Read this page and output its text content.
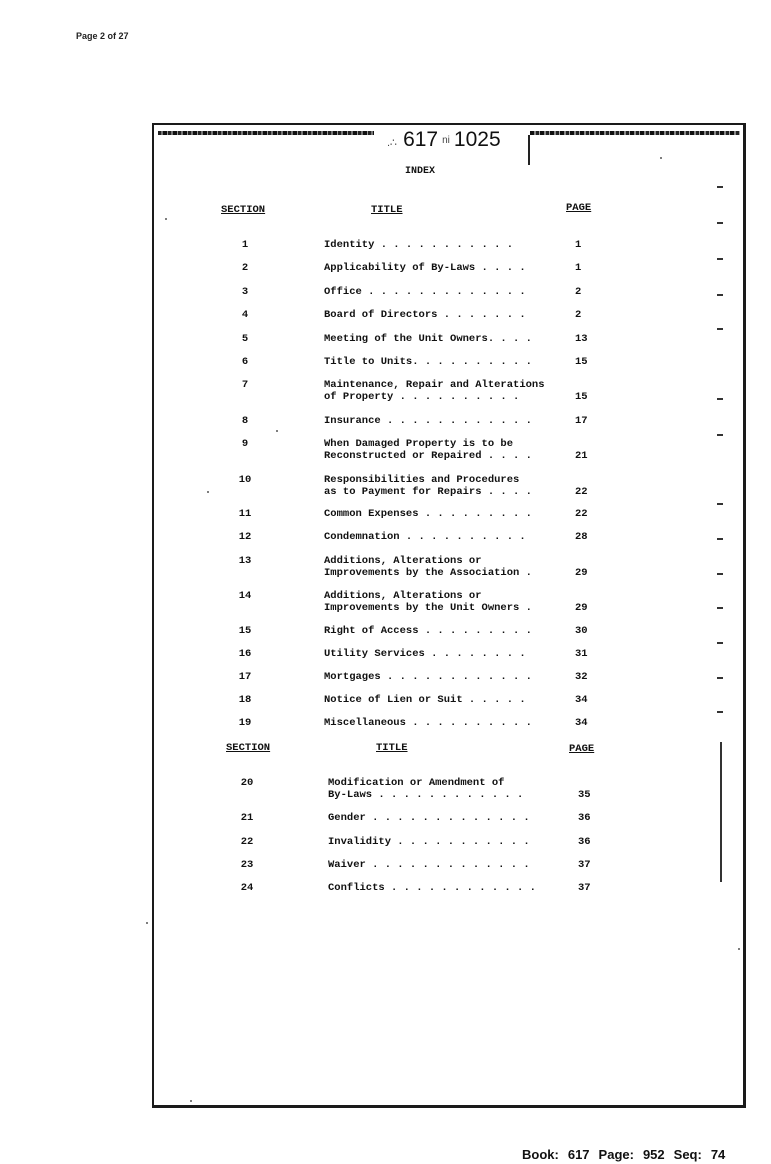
Page 2 of 27
.∴ 617 ni 1025
INDEX
SECTION	TITLE	PAGE
1	Identity . . . . . . . . . . .	1
2	Applicability of By-Laws . . . .	1
3	Office . . . . . . . . . . . . .	2
4	Board of Directors . . . . . . .	2
5	Meeting of the Unit Owners. . . .	13
6	Title to Units. . . . . . . . . .	15
7	Maintenance, Repair and Alterations
of Property . . . . . . . . . .	15
8	Insurance . . . . . . . . . . . .	17
9	When Damaged Property is to be
Reconstructed or Repaired . . . .	21
10	Responsibilities and Procedures
as to Payment for Repairs . . . .	22
11	Common Expenses . . . . . . . . .	22
12	Condemnation . . . . . . . . . .	28
13	Additions, Alterations or
Improvements by the Association .	29
14	Additions, Alterations or
Improvements by the Unit Owners .	29
15	Right of Access . . . . . . . . .	30
16	Utility Services . . . . . . . .	31
17	Mortgages . . . . . . . . . . . .	32
18	Notice of Lien or Suit . . . . .	34
19	Miscellaneous . . . . . . . . . .	34
SECTION	TITLE	PAGE
20	Modification or Amendment of
By-Laws . . . . . . . . . . . .	35
21	Gender . . . . . . . . . . . . .	36
22	Invalidity . . . . . . . . . . .	36
23	Waiver . . . . . . . . . . . . .	37
24	Conflicts . . . . . . . . . . . .	37
Book: 617 Page: 952 Seq: 74
